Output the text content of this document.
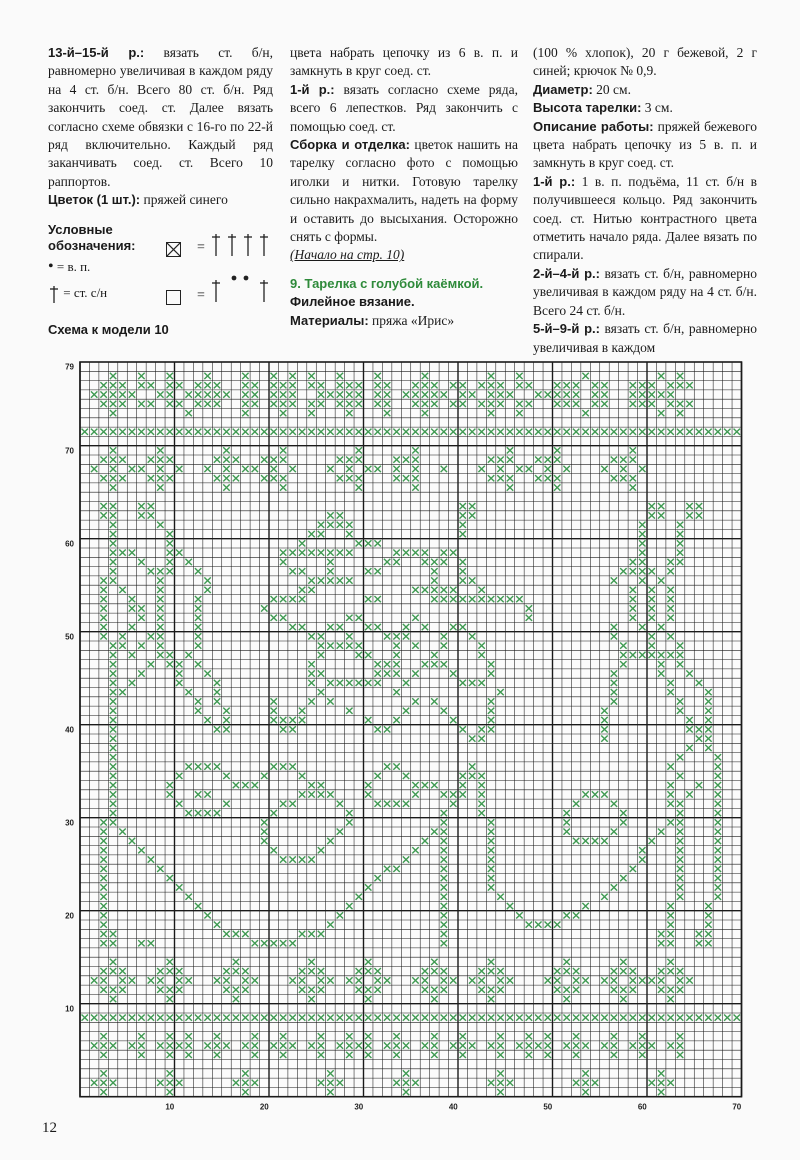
13-й–15-й р.: вязать ст. б/н, равномерно увеличивая в каждом ряду на 4 ст. б/н. Всего 80 ст. б/н. Ряд закончить соед. ст. Далее вязать согласно схеме обвязки с 16-го по 22-й ряд включительно. Каждый ряд заканчивать соед. ст. Всего 10 раппортов.

Цветок (1 шт.): пряжей синего

цвета набрать цепочку из 6 в. п. и замкнуть в круг соед. ст.

1-й р.: вязать согласно схеме ряда, всего 6 лепестков. Ряд закончить с помощью соед. ст.

Сборка и отделка: цветок нашить на тарелку согласно фото с помощью иголки и нитки. Готовую тарелку сильно накрахмалить, надеть на форму и оставить до высыхания. Осторожно снять с формы.

(Начало на стр. 10)

9. Тарелка с голубой каёмкой.

Филейное вязание.

Материалы: пряжа «Ирис»

(100 % хлопок), 20 г бежевой, 2 г синей; крючок № 0,9.

Диаметр: 20 см.

Высота тарелки: 3 см.

Описание работы: пряжей бежевого цвета набрать цепочку из 5 в. п. и замкнуть в круг соед. ст.

1-й р.: 1 в. п. подъёма, 11 ст. б/н в получившееся кольцо. Ряд закончить соед. ст. Нитью контрастного цвета отметить начало ряда. Далее вязать по спирали.

2-й–4-й р.: вязать ст. б/н, равномерно увеличивая в каждом ряду на 4 ст. б/н. Всего 24 ст. б/н.

5-й–9-й р.: вязать ст. б/н, равномерно увеличивая в каждом

Условные обозначения:
• = в. п.
= ст. с/н
=
=
Схема к модели 10
10
20
30
40
50
60
70
79
10	20	30	40	50	60	70
12
